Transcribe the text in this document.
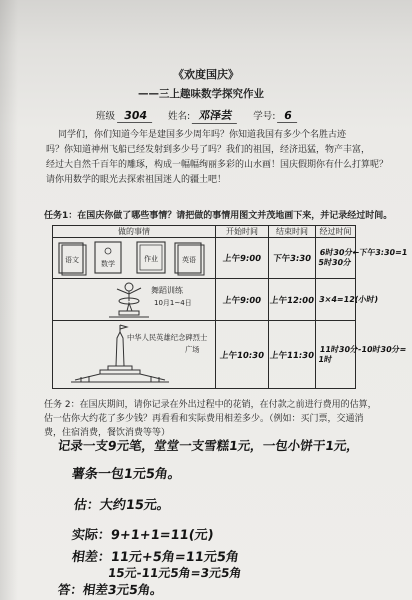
《欢度国庆》
——三上趣味数学探究作业
班级 304 姓名: 邓泽芸 学号: 6
同学们，你们知道今年是建国多少周年吗？你知道我国有多少个名胜古迹
吗？你知道神州飞船已经发射到多少号了吗？我们的祖国，经济迅猛，物产丰富，
经过大自然千百年的雕琢，构成一幅幅绚丽多彩的山水画！国庆假期你有什么打算呢？
请你用数学的眼光去探索祖国迷人的疆土吧！
任务1：在国庆你做了哪些事情？请把做的事情用图文并茂地画下来，并记录经过时间。
做的事情	开始时间	结束时间	经过时间

语文 数学
作业 英语	上午9:00	下午3:30	6时30分←下午3:30=15时30分

舞蹈训练
10月1~4日	上午9:00	上午12:00	3×4=12(小时)

中华人民英雄纪念碑烈士
广场	上午10:30	上午11:30	11时30分-10时30分=1时
任务 2：在国庆期间，请你记录在外出过程中的花销，在付款之前进行费用的估算，
估一估你大约花了多少钱？再看看和实际费用相差多少。（例如：买门票，交通消
费，住宿消费，餐饮消费等等）
记录一支9元笔，堂堂一支雪糕1元，一包小饼干1元，
薯条一包1元5角。
估：大约15元。
实际：9+1+1=11(元)
相差：11元+5角=11元5角
15元-11元5角=3元5角
答：相差3元5角。
